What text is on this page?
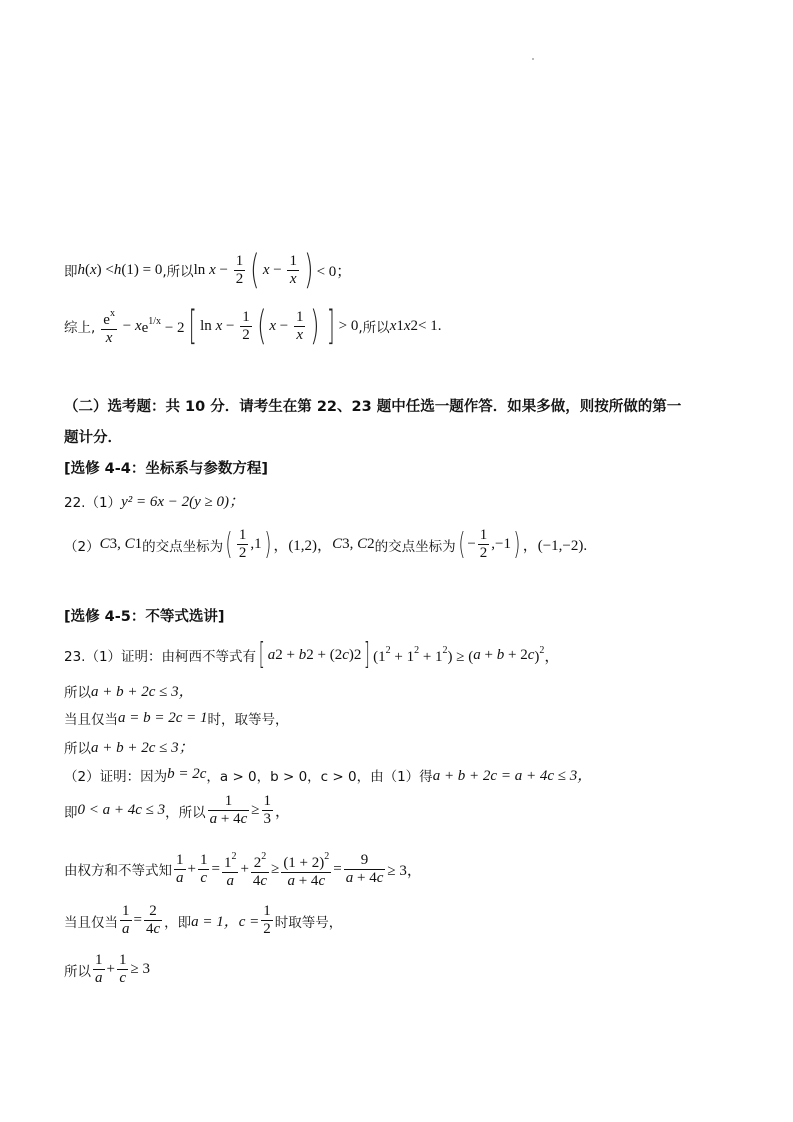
即 h ( x ) < h (1) = 0 ,所以 $\ln x - \frac{1}{2}$ ( $x - \frac{1}{x}$ ) < 0；
综上, $\frac{e^x}{x} - x$ $e^{1/x} - 2$ [ $\ln x - \frac{1}{2}$ ( $x - \frac{1}{x}$ ) ] > 0 ,所以 x 1 x 2 < 1.
（二）选考题：共 10 分．请考生在第 22、23 题中任选一题作答．如果多做，则按所做的第一
题计分．
[选修 4-4：坐标系与参数方程]
22.（1） y² = 6x − 2(y ≥ 0)；
（2） C 3 , C 1 的交点坐标为 ( $\frac{1}{2} ,1$ ) ，(1,2)， C 3 , C 2 的交点坐标为 ( − $\frac{1}{2} ,-1$ ) ，(−1,−2).
[选修 4-5：不等式选讲]
23.（1）证明：由柯西不等式有 [ a 2 + b 2 + (2 c ) 2 ] $(1^2 + 1^2 + 1^2)$ ≥ ( a + b + 2 c )$^2$，
所以 a + b + 2c ≤ 3，
当且仅当 a = b = 2c = 1 时，取等号，
所以 a + b + 2c ≤ 3；
（2）证明：因为 b = 2c ，a > 0，b > 0，c > 0，由（1）得 a + b + 2c = a + 4c ≤ 3，
即 0 < a + 4c ≤ 3 ，所以 $\frac{1}{a + 4c} \ge \frac{1}{3}$ ，
由权方和不等式知 $\frac{1}{a} + \frac{1}{c} = \frac{1^2}{a} + \frac{2^2}{4c} \ge \frac{(1 + 2)^2}{a + 4c} = \frac{9}{a + 4c} \ge 3$，
当且仅当 $\frac{1}{a} = \frac{2}{4c}$ ，即 a = 1，$c = \frac{1}{2}$ 时取等号，
所以 $\frac{1}{a} + \frac{1}{c} \ge 3$
